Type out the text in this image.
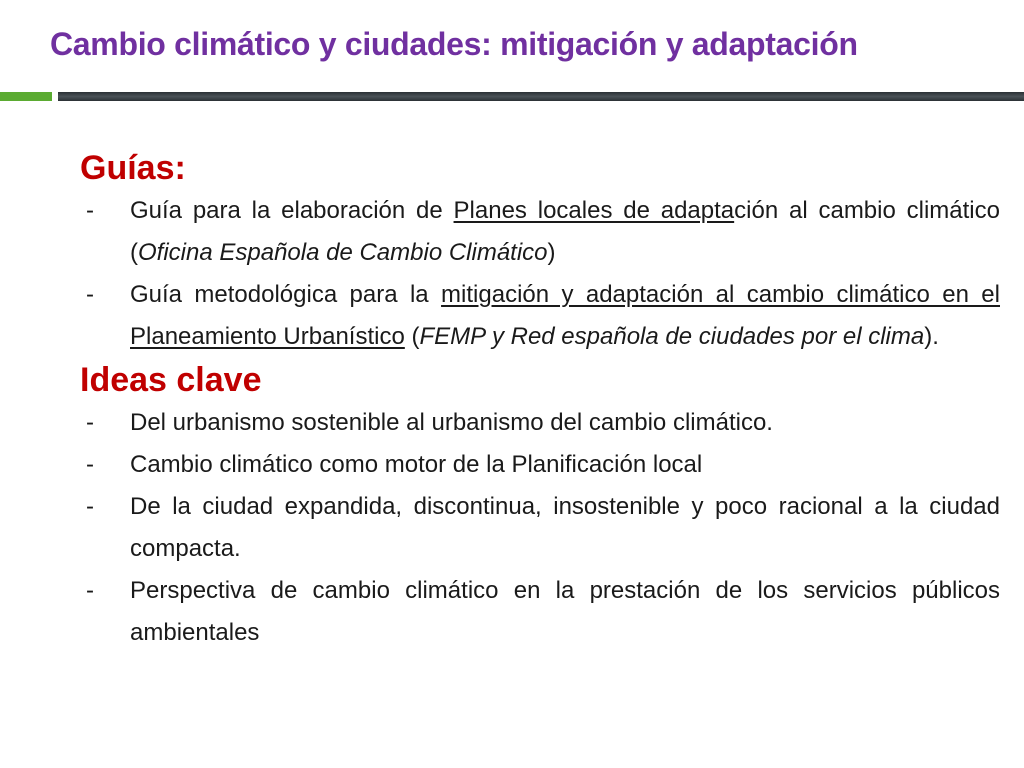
Cambio climático y ciudades: mitigación y adaptación
Guías:
- Guía para la elaboración de Planes locales de adaptación al cambio climático (Oficina Española de Cambio Climático)
- Guía metodológica para la mitigación y adaptación al cambio climático en el Planeamiento Urbanístico (FEMP y Red española de ciudades por el clima).
Ideas clave
- Del urbanismo sostenible al urbanismo del cambio climático.
- Cambio climático como motor de la Planificación local
- De la ciudad expandida, discontinua, insostenible y poco racional a la ciudad compacta.
- Perspectiva de cambio climático en la prestación de los servicios públicos ambientales
